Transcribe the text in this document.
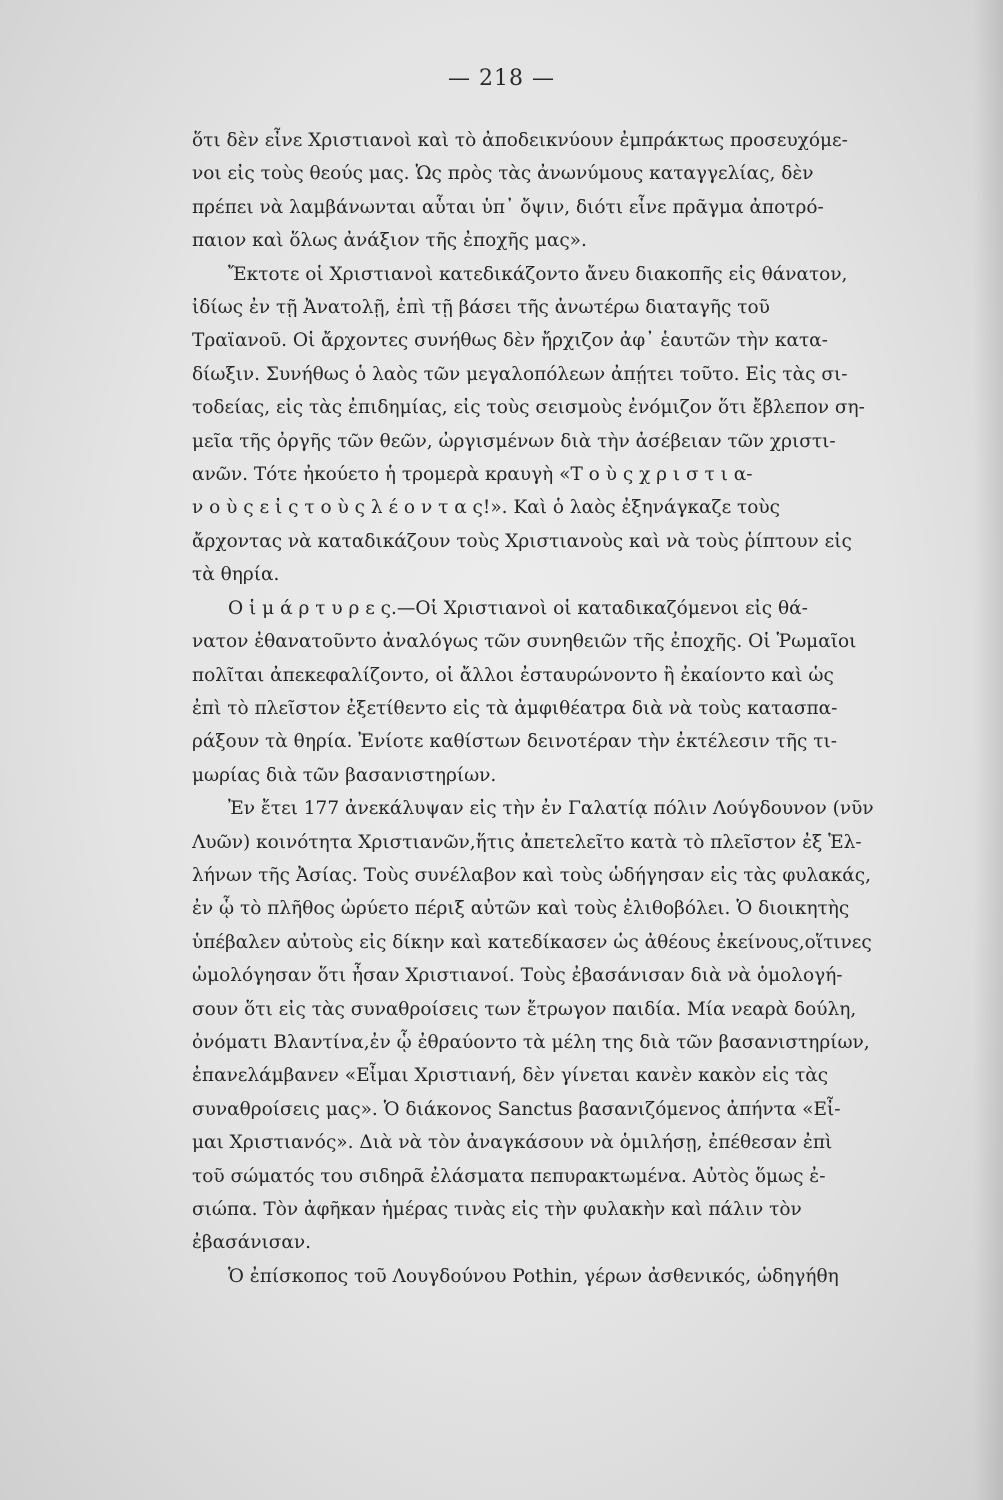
— 218 —
ὅτι δὲν εἶνε Χριστιανοὶ καὶ τὸ ἀποδεικνύουν ἐμπράκτως προσευχόμε-
νοι εἰς τοὺς θεούς μας. Ὡς πρὸς τὰς ἀνωνύμους καταγγελίας, δὲν
πρέπει νὰ λαμβάνωνται αὗται ὑπ᾽ ὄψιν, διότι εἶνε πρᾶγμα ἀποτρό-
παιον καὶ ὅλως ἀνάξιον τῆς ἐποχῆς μας».
Ἔκτοτε οἱ Χριστιανοὶ κατεδικάζοντο ἄνευ διακοπῆς εἰς θάνατον,
ἰδίως ἐν τῇ Ἀνατολῇ, ἐπὶ τῇ βάσει τῆς ἀνωτέρω διαταγῆς τοῦ
Τραϊανοῦ. Οἱ ἄρχοντες συνήθως δὲν ἤρχιζον ἀφ᾽ ἑαυτῶν τὴν κατα-
δίωξιν. Συνήθως ὁ λαὸς τῶν μεγαλοπόλεων ἀπῄτει τοῦτο. Εἰς τὰς σι-
τοδείας, εἰς τὰς ἐπιδημίας, εἰς τοὺς σεισμοὺς ἐνόμιζον ὅτι ἔβλεπον ση-
μεῖα τῆς ὀργῆς τῶν θεῶν, ὠργισμένων διὰ τὴν ἀσέβειαν τῶν χριστι-
ανῶν. Τότε ἠκούετο ἡ τρομερὰ κραυγὴ «Τ ο ὺ ς χ ρ ι σ τ ι α-
ν ο ὺ ς ε ἰ ς τ ο ὺ ς λ έ ο ν τ α ς!». Καὶ ὁ λαὸς ἐξηνάγκαζε τοὺς
ἄρχοντας νὰ καταδικάζουν τοὺς Χριστιανοὺς καὶ νὰ τοὺς ῥίπτουν εἰς
τὰ θηρία.
Ο ἱ μ ά ρ τ υ ρ ε ς.—Οἱ Χριστιανοὶ οἱ καταδικαζόμενοι εἰς θά-
νατον ἐθανατοῦντο ἀναλόγως τῶν συνηθειῶν τῆς ἐποχῆς. Οἱ Ῥωμαῖοι
πολῖται ἀπεκεφαλίζοντο, οἱ ἄλλοι ἐσταυρώνοντο ἢ ἐκαίοντο καὶ ὡς
ἐπὶ τὸ πλεῖστον ἐξετίθεντο εἰς τὰ ἀμφιθέατρα διὰ νὰ τοὺς κατασπα-
ράξουν τὰ θηρία. Ἐνίοτε καθίστων δεινοτέραν τὴν ἐκτέλεσιν τῆς τι-
μωρίας διὰ τῶν βασανιστηρίων.
Ἐν ἔτει 177 ἀνεκάλυψαν εἰς τὴν ἐν Γαλατίᾳ πόλιν Λούγδουνον (νῦν
Λυῶν) κοινότητα Χριστιανῶν,ἥτις ἀπετελεῖτο κατὰ τὸ πλεῖστον ἐξ Ἑλ-
λήνων τῆς Ἀσίας. Τοὺς συνέλαβον καὶ τοὺς ὡδήγησαν εἰς τὰς φυλακάς,
ἐν ᾧ τὸ πλῆθος ὠρύετο πέριξ αὐτῶν καὶ τοὺς ἐλιθοβόλει. Ὁ διοικητὴς
ὑπέβαλεν αὐτοὺς εἰς δίκην καὶ κατεδίκασεν ὡς ἀθέους ἐκείνους,οἵτινες
ὡμολόγησαν ὅτι ἦσαν Χριστιανοί. Τοὺς ἐβασάνισαν διὰ νὰ ὁμολογή-
σουν ὅτι εἰς τὰς συναθροίσεις των ἔτρωγον παιδία. Μία νεαρὰ δούλη,
ὀνόματι Βλαντίνα,ἐν ᾧ ἐθραύοντο τὰ μέλη της διὰ τῶν βασανιστηρίων,
ἐπανελάμβανεν «Εἶμαι Χριστιανή, δὲν γίνεται κανὲν κακὸν εἰς τὰς
συναθροίσεις μας». Ὁ διάκονος Sanctus βασανιζόμενος ἀπήντα «Εἶ-
μαι Χριστιανός». Διὰ νὰ τὸν ἀναγκάσουν νὰ ὁμιλήσῃ, ἐπέθεσαν ἐπὶ
τοῦ σώματός του σιδηρᾶ ἐλάσματα πεπυρακτωμένα. Αὐτὸς ὅμως ἐ-
σιώπα. Τὸν ἀφῆκαν ἡμέρας τινὰς εἰς τὴν φυλακὴν καὶ πάλιν τὸν
ἐβασάνισαν.
Ὁ ἐπίσκοπος τοῦ Λουγδούνου Pothin, γέρων ἀσθενικός, ὡδηγήθη
